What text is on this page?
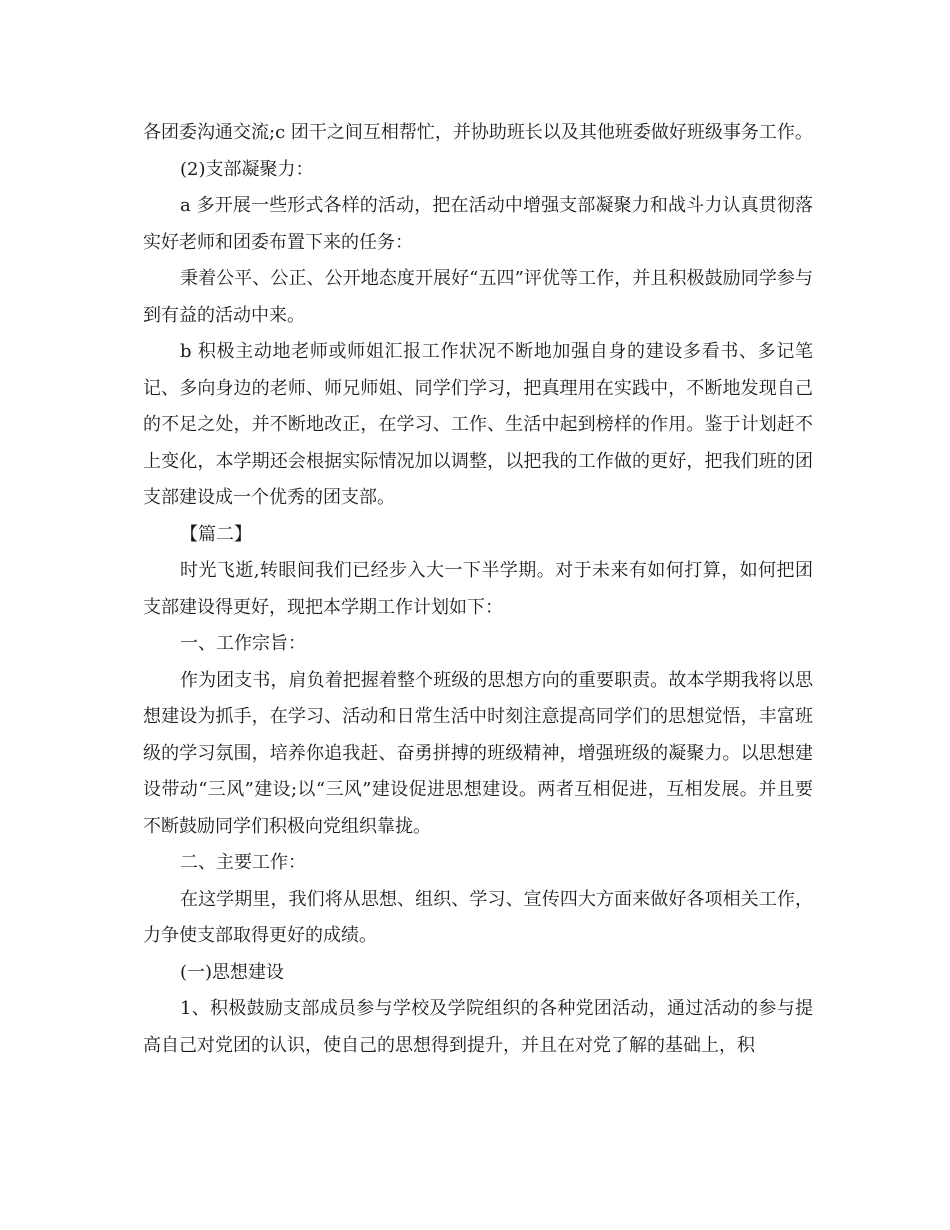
各团委沟通交流;c 团干之间互相帮忙，并协助班长以及其他班委做好班级事务工作。

(2)支部凝聚力：

a 多开展一些形式各样的活动，把在活动中增强支部凝聚力和战斗力认真贯彻落实好老师和团委布置下来的任务：

秉着公平、公正、公开地态度开展好“五四”评优等工作，并且积极鼓励同学参与到有益的活动中来。

b 积极主动地老师或师姐汇报工作状况不断地加强自身的建设多看书、多记笔记、多向身边的老师、师兄师姐、同学们学习，把真理用在实践中，不断地发现自己的不足之处，并不断地改正，在学习、工作、生活中起到榜样的作用。鉴于计划赶不上变化，本学期还会根据实际情况加以调整，以把我的工作做的更好，把我们班的团支部建设成一个优秀的团支部。

【篇二】

时光飞逝,转眼间我们已经步入大一下半学期。对于未来有如何打算，如何把团支部建设得更好，现把本学期工作计划如下：

一、工作宗旨：

作为团支书，肩负着把握着整个班级的思想方向的重要职责。故本学期我将以思想建设为抓手，在学习、活动和日常生活中时刻注意提高同学们的思想觉悟，丰富班级的学习氛围，培养你追我赶、奋勇拼搏的班级精神，增强班级的凝聚力。以思想建设带动“三风”建设;以“三风”建设促进思想建设。两者互相促进，互相发展。并且要不断鼓励同学们积极向党组织靠拢。

二、主要工作：

在这学期里，我们将从思想、组织、学习、宣传四大方面来做好各项相关工作，力争使支部取得更好的成绩。

(一)思想建设

1、积极鼓励支部成员参与学校及学院组织的各种党团活动，通过活动的参与提高自己对党团的认识，使自己的思想得到提升，并且在对党了解的基础上，积
